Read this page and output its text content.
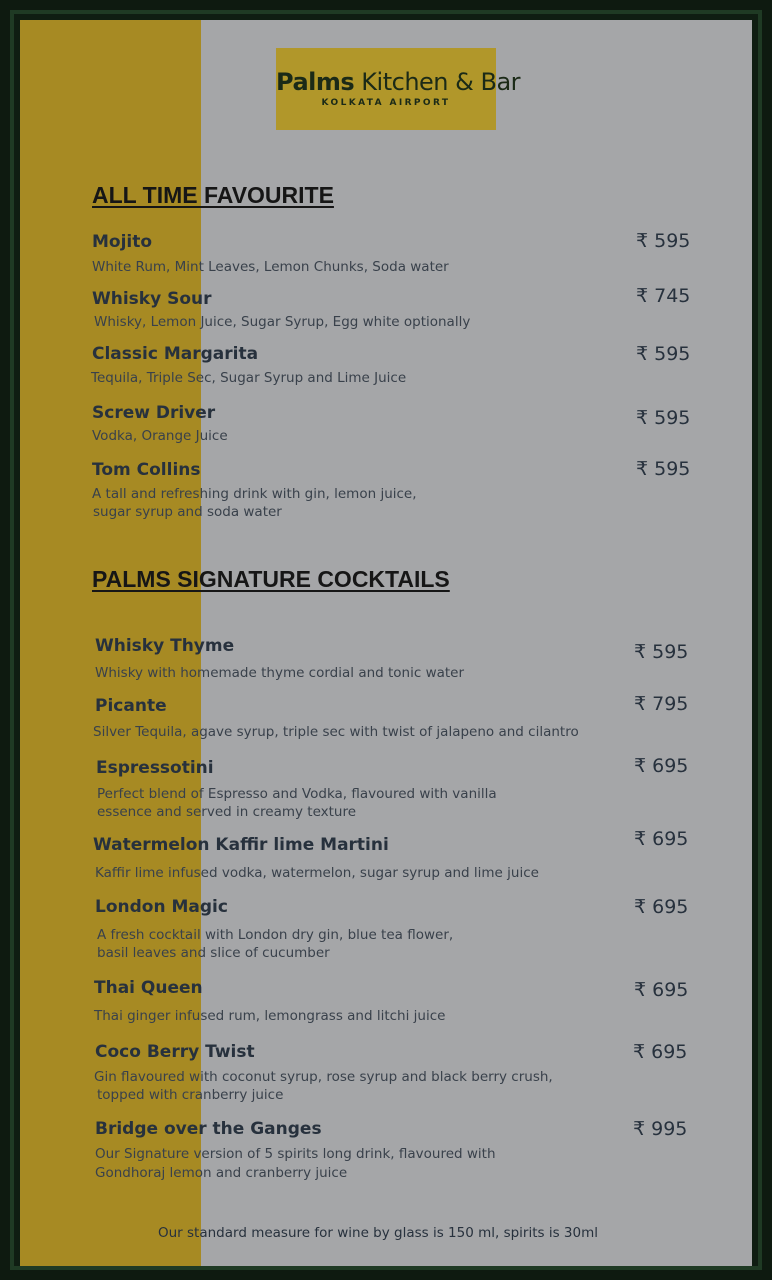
Palms Kitchen & Bar
KOLKATA AIRPORT
ALL TIME FAVOURITE
Mojito	₹ 595
White Rum, Mint Leaves, Lemon Chunks, Soda water
Whisky Sour	₹ 745
Whisky, Lemon Juice, Sugar Syrup, Egg white optionally
Classic Margarita	₹ 595
Tequila, Triple Sec, Sugar Syrup and Lime Juice
Screw Driver	₹ 595
Vodka, Orange Juice
Tom Collins	₹ 595
A tall and refreshing drink with gin, lemon juice,
sugar syrup and soda water
PALMS SIGNATURE COCKTAILS
Whisky Thyme	₹ 595
Whisky with homemade thyme cordial and tonic water
Picante	₹ 795
Silver Tequila, agave syrup, triple sec with twist of jalapeno and cilantro
Espressotini	₹ 695
Perfect blend of Espresso and Vodka, flavoured with vanilla
essence and served in creamy texture
Watermelon Kaffir lime Martini	₹ 695
Kaffir lime infused vodka, watermelon, sugar syrup and lime juice
London Magic	₹ 695
A fresh cocktail with London dry gin, blue tea flower,
basil leaves and slice of cucumber
Thai Queen	₹ 695
Thai ginger infused rum, lemongrass and litchi juice
Coco Berry Twist	₹ 695
Gin flavoured with coconut syrup, rose syrup and black berry crush,
topped with cranberry juice
Bridge over the Ganges	₹ 995
Our Signature version of 5 spirits long drink, flavoured with
Gondhoraj lemon and cranberry juice
Our standard measure for wine by glass is 150 ml, spirits is 30ml
